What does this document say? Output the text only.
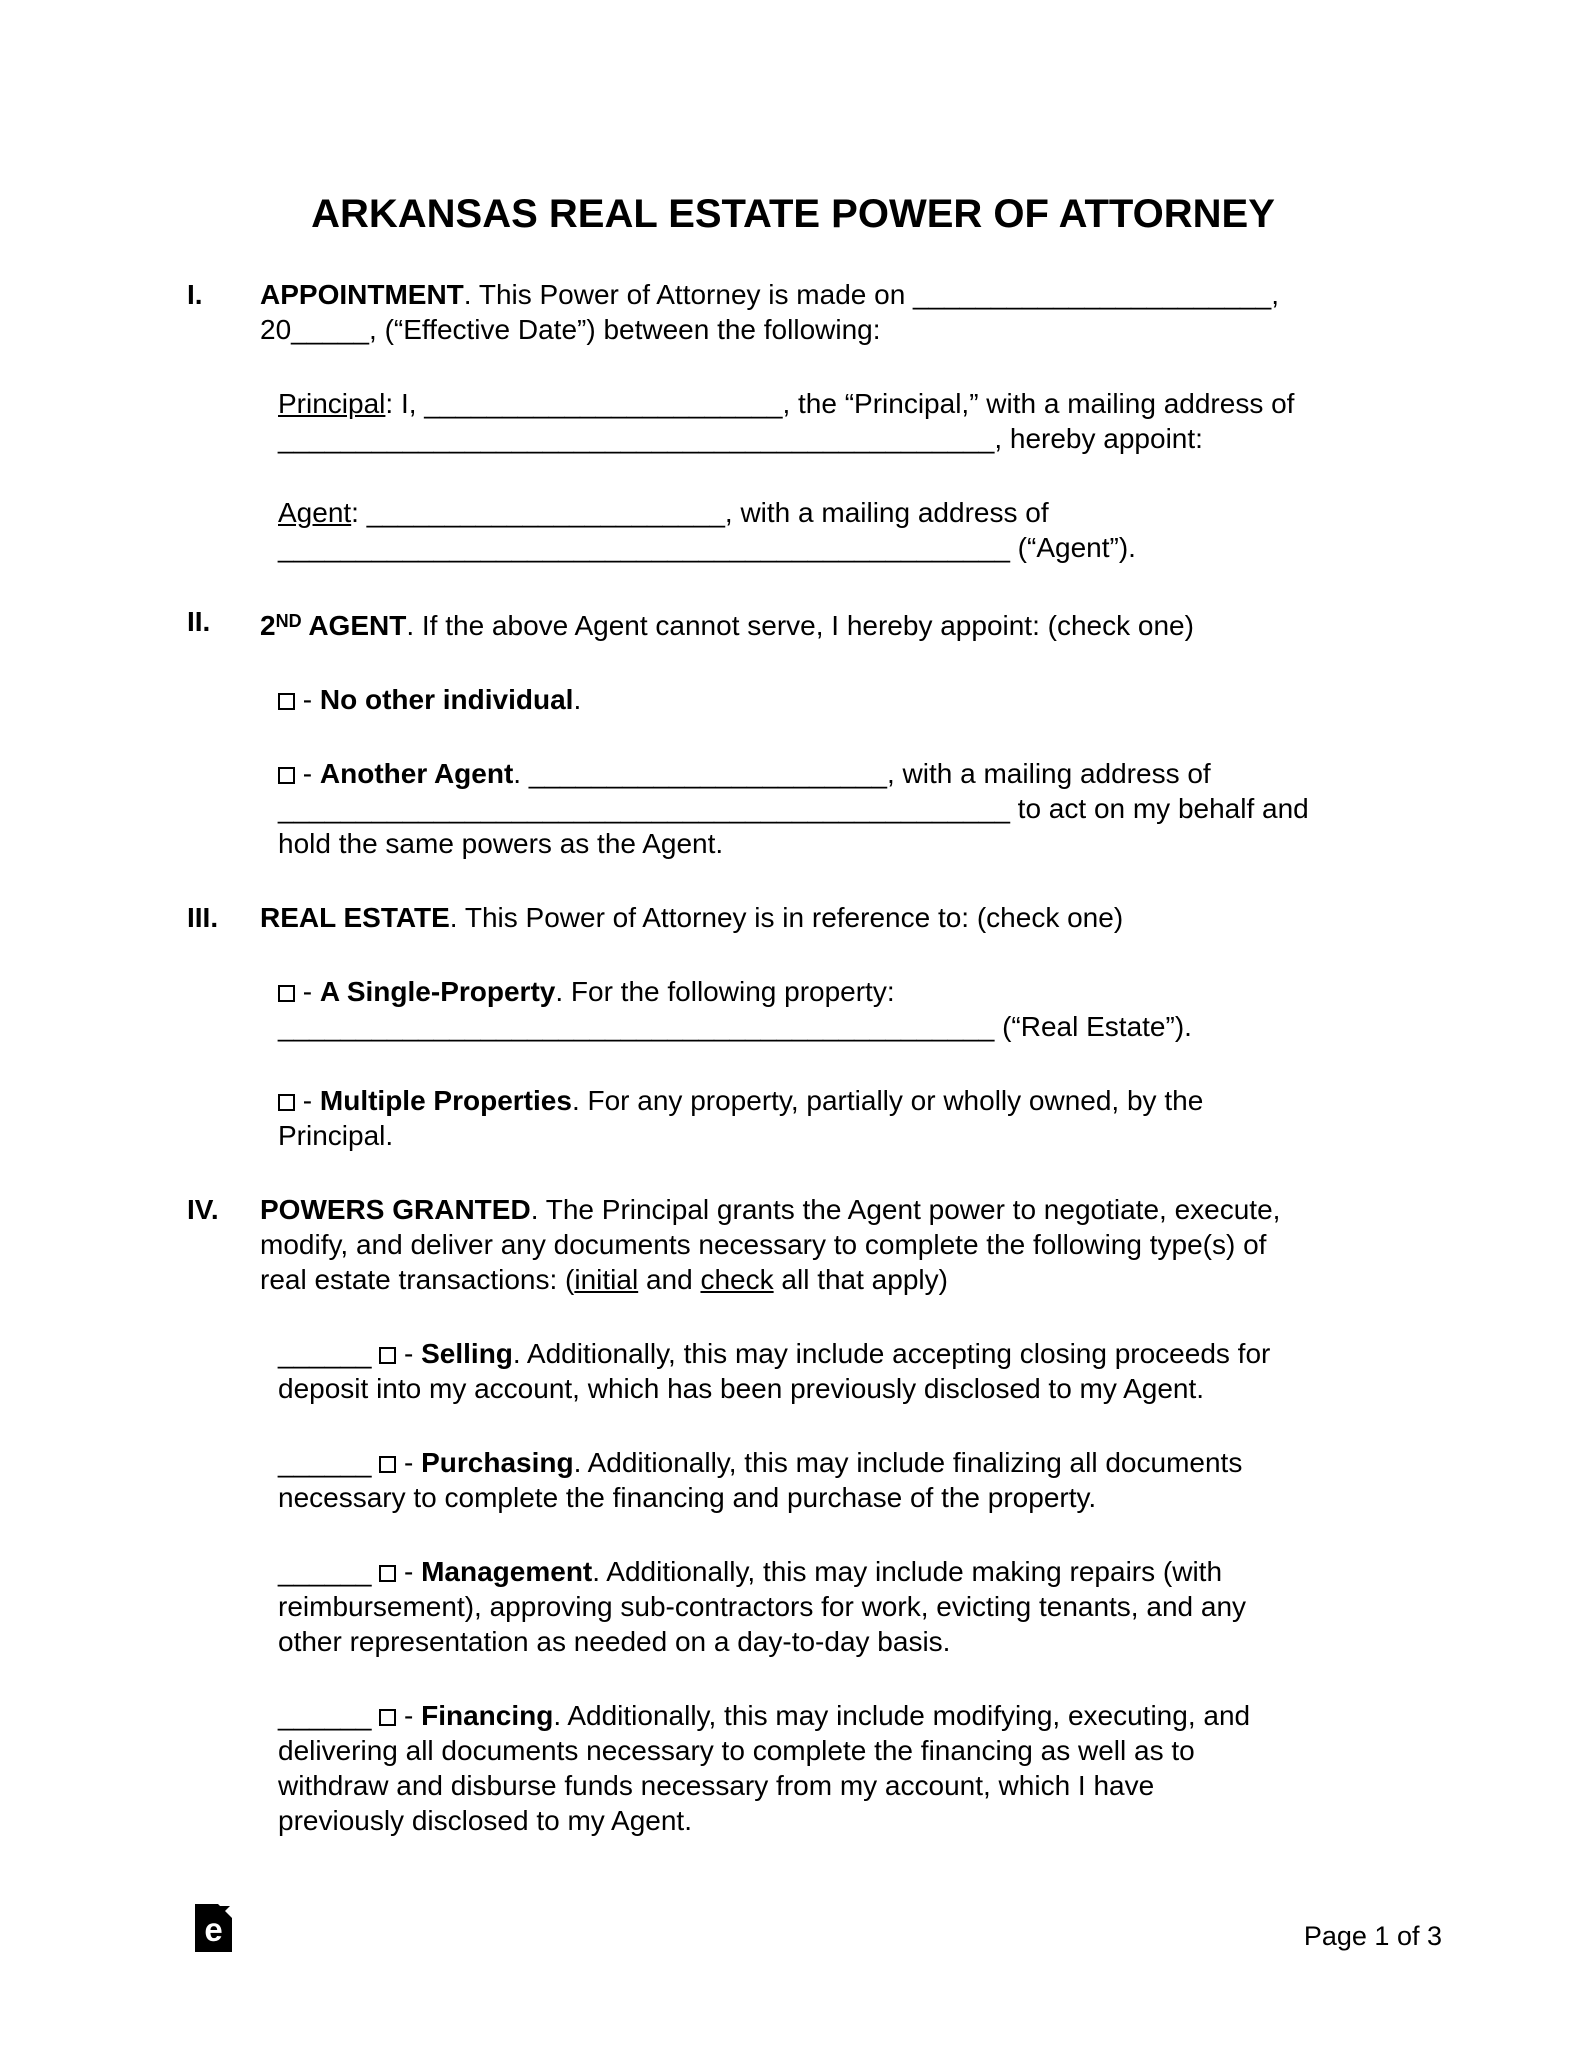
ARKANSAS REAL ESTATE POWER OF ATTORNEY
I.	APPOINTMENT. This Power of Attorney is made on _______________________,
20_____, (“Effective Date”) between the following:
Principal: I, _______________________, the “Principal,” with a mailing address of
______________________________________________, hereby appoint:
Agent: _______________________, with a mailing address of
_______________________________________________ (“Agent”).
II.	2ND AGENT. If the above Agent cannot serve, I hereby appoint: (check one)
- No other individual.
- Another Agent. _______________________, with a mailing address of
_______________________________________________ to act on my behalf and
hold the same powers as the Agent.
III.	REAL ESTATE. This Power of Attorney is in reference to: (check one)
- A Single-Property. For the following property:
______________________________________________ (“Real Estate”).
- Multiple Properties. For any property, partially or wholly owned, by the
Principal.
IV.	POWERS GRANTED. The Principal grants the Agent power to negotiate, execute,
modify, and deliver any documents necessary to complete the following type(s) of
real estate transactions: (initial and check all that apply)
______  - Selling. Additionally, this may include accepting closing proceeds for
deposit into my account, which has been previously disclosed to my Agent.
______  - Purchasing. Additionally, this may include finalizing all documents
necessary to complete the financing and purchase of the property.
______  - Management. Additionally, this may include making repairs (with
reimbursement), approving sub-contractors for work, evicting tenants, and any
other representation as needed on a day-to-day basis.
______  - Financing. Additionally, this may include modifying, executing, and
delivering all documents necessary to complete the financing as well as to
withdraw and disburse funds necessary from my account, which I have
previously disclosed to my Agent.
e	Page 1 of 3
